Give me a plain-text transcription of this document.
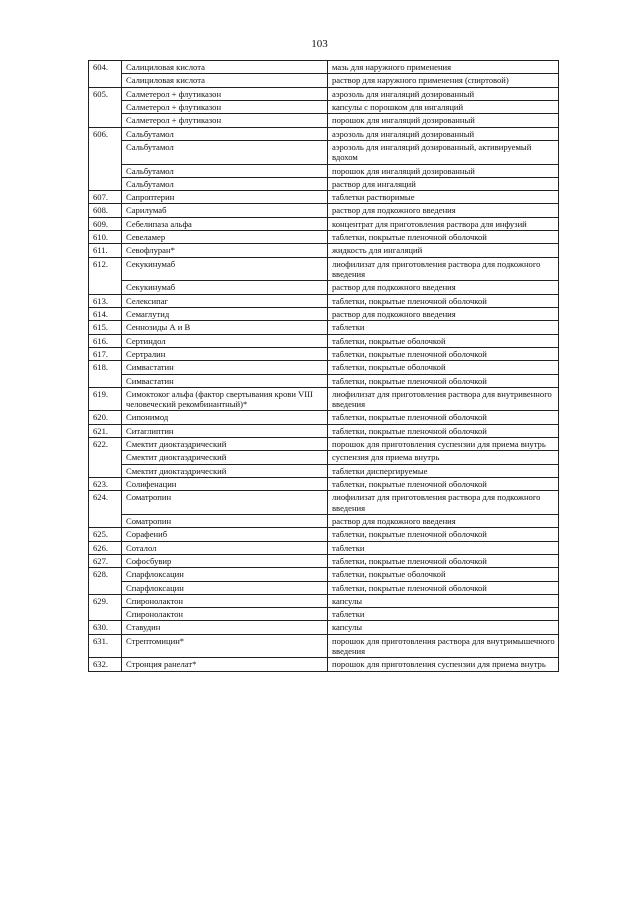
103
604.	Салициловая кислота	мазь для наружного применения
	Салициловая кислота	раствор для наружного применения (спиртовой)
605.	Салметерол + флутиказон	аэрозоль для ингаляций дозированный
	Салметерол + флутиказон	капсулы с порошком для ингаляций
	Салметерол + флутиказон	порошок для ингаляций дозированный
606.	Сальбутамол	аэрозоль для ингаляций дозированный
	Сальбутамол	аэрозоль для ингаляций дозированный, активируемый вдохом
	Сальбутамол	порошок для ингаляций дозированный
	Сальбутамол	раствор для ингаляций
607.	Сапроптерин	таблетки растворимые
608.	Сарилумаб	раствор для подкожного введения
609.	Себелипаза альфа	концентрат для приготовления раствора для инфузий
610.	Севеламер	таблетки, покрытые пленочной оболочкой
611.	Севофлуран*	жидкость для ингаляций
612.	Секукинумаб	лиофилизат для приготовления раствора для подкожного введения
	Секукинумаб	раствор для подкожного введения
613.	Селексипаг	таблетки, покрытые пленочной оболочкой
614.	Семаглутид	раствор для подкожного введения
615.	Сеннозиды А и В	таблетки
616.	Сертиндол	таблетки, покрытые оболочкой
617.	Сертралин	таблетки, покрытые пленочной оболочкой
618.	Симвастатин	таблетки, покрытые оболочкой
	Симвастатин	таблетки, покрытые пленочной оболочкой
619.	Симоктоког альфа (фактор свертывания крови VIII человеческий рекомбинантный)*	лиофилизат для приготовления раствора для внутривенного введения
620.	Сипонимод	таблетки, покрытые пленочной оболочкой
621.	Ситаглиптин	таблетки, покрытые пленочной оболочкой
622.	Смектит диоктаэдрический	порошок для приготовления суспензии для приема внутрь
	Смектит диоктаэдрический	суспензия для приема внутрь
	Смектит диоктаэдрический	таблетки диспергируемые
623.	Солифенацин	таблетки, покрытые пленочной оболочкой
624.	Соматропин	лиофилизат для приготовления раствора для подкожного введения
	Соматропин	раствор для подкожного введения
625.	Сорафениб	таблетки, покрытые пленочной оболочкой
626.	Соталол	таблетки
627.	Софосбувир	таблетки, покрытые пленочной оболочкой
628.	Спарфлоксацин	таблетки, покрытые оболочкой
	Спарфлоксацин	таблетки, покрытые пленочной оболочкой
629.	Спиронолактон	капсулы
	Спиронолактон	таблетки
630.	Ставудин	капсулы
631.	Стрептомицин*	порошок для приготовления раствора для внутримышечного введения
632.	Стронция ранелат*	порошок для приготовления суспензии для приема внутрь
